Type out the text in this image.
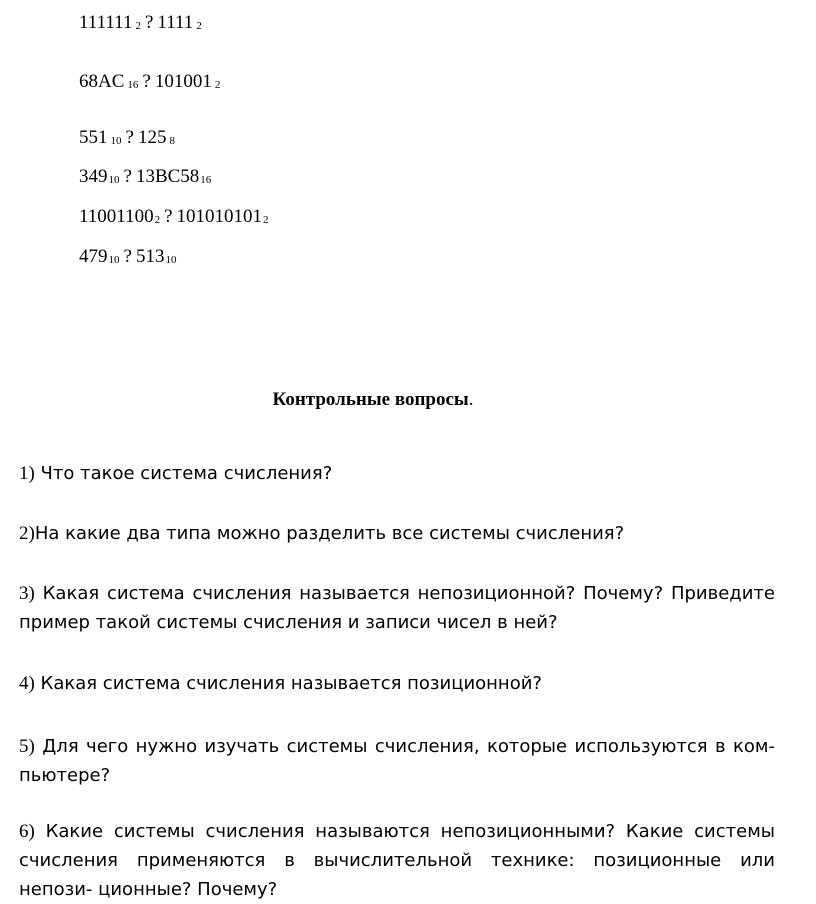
111111 2 ? 1111 2
68AC 16 ? 101001 2
551 10 ? 125 8
34910 ? 13BC5816
110011002 ? 1010101012
47910 ? 51310
Контрольные вопросы.
1) Что такое система счисления?
2)На какие два типа можно разделить все системы счисления?
3) Какая система счисления называется непозиционной? Почему? Приведите пример такой системы счисления и записи чисел в ней?
4) Какая система счисления называется позиционной?
5) Для чего нужно изучать системы счисления, которые используются в ком- пьютере?
6) Какие системы счисления называются непозиционными? Какие системы счисления применяются в вычислительной технике: позиционные или непози- ционные? Почему?
